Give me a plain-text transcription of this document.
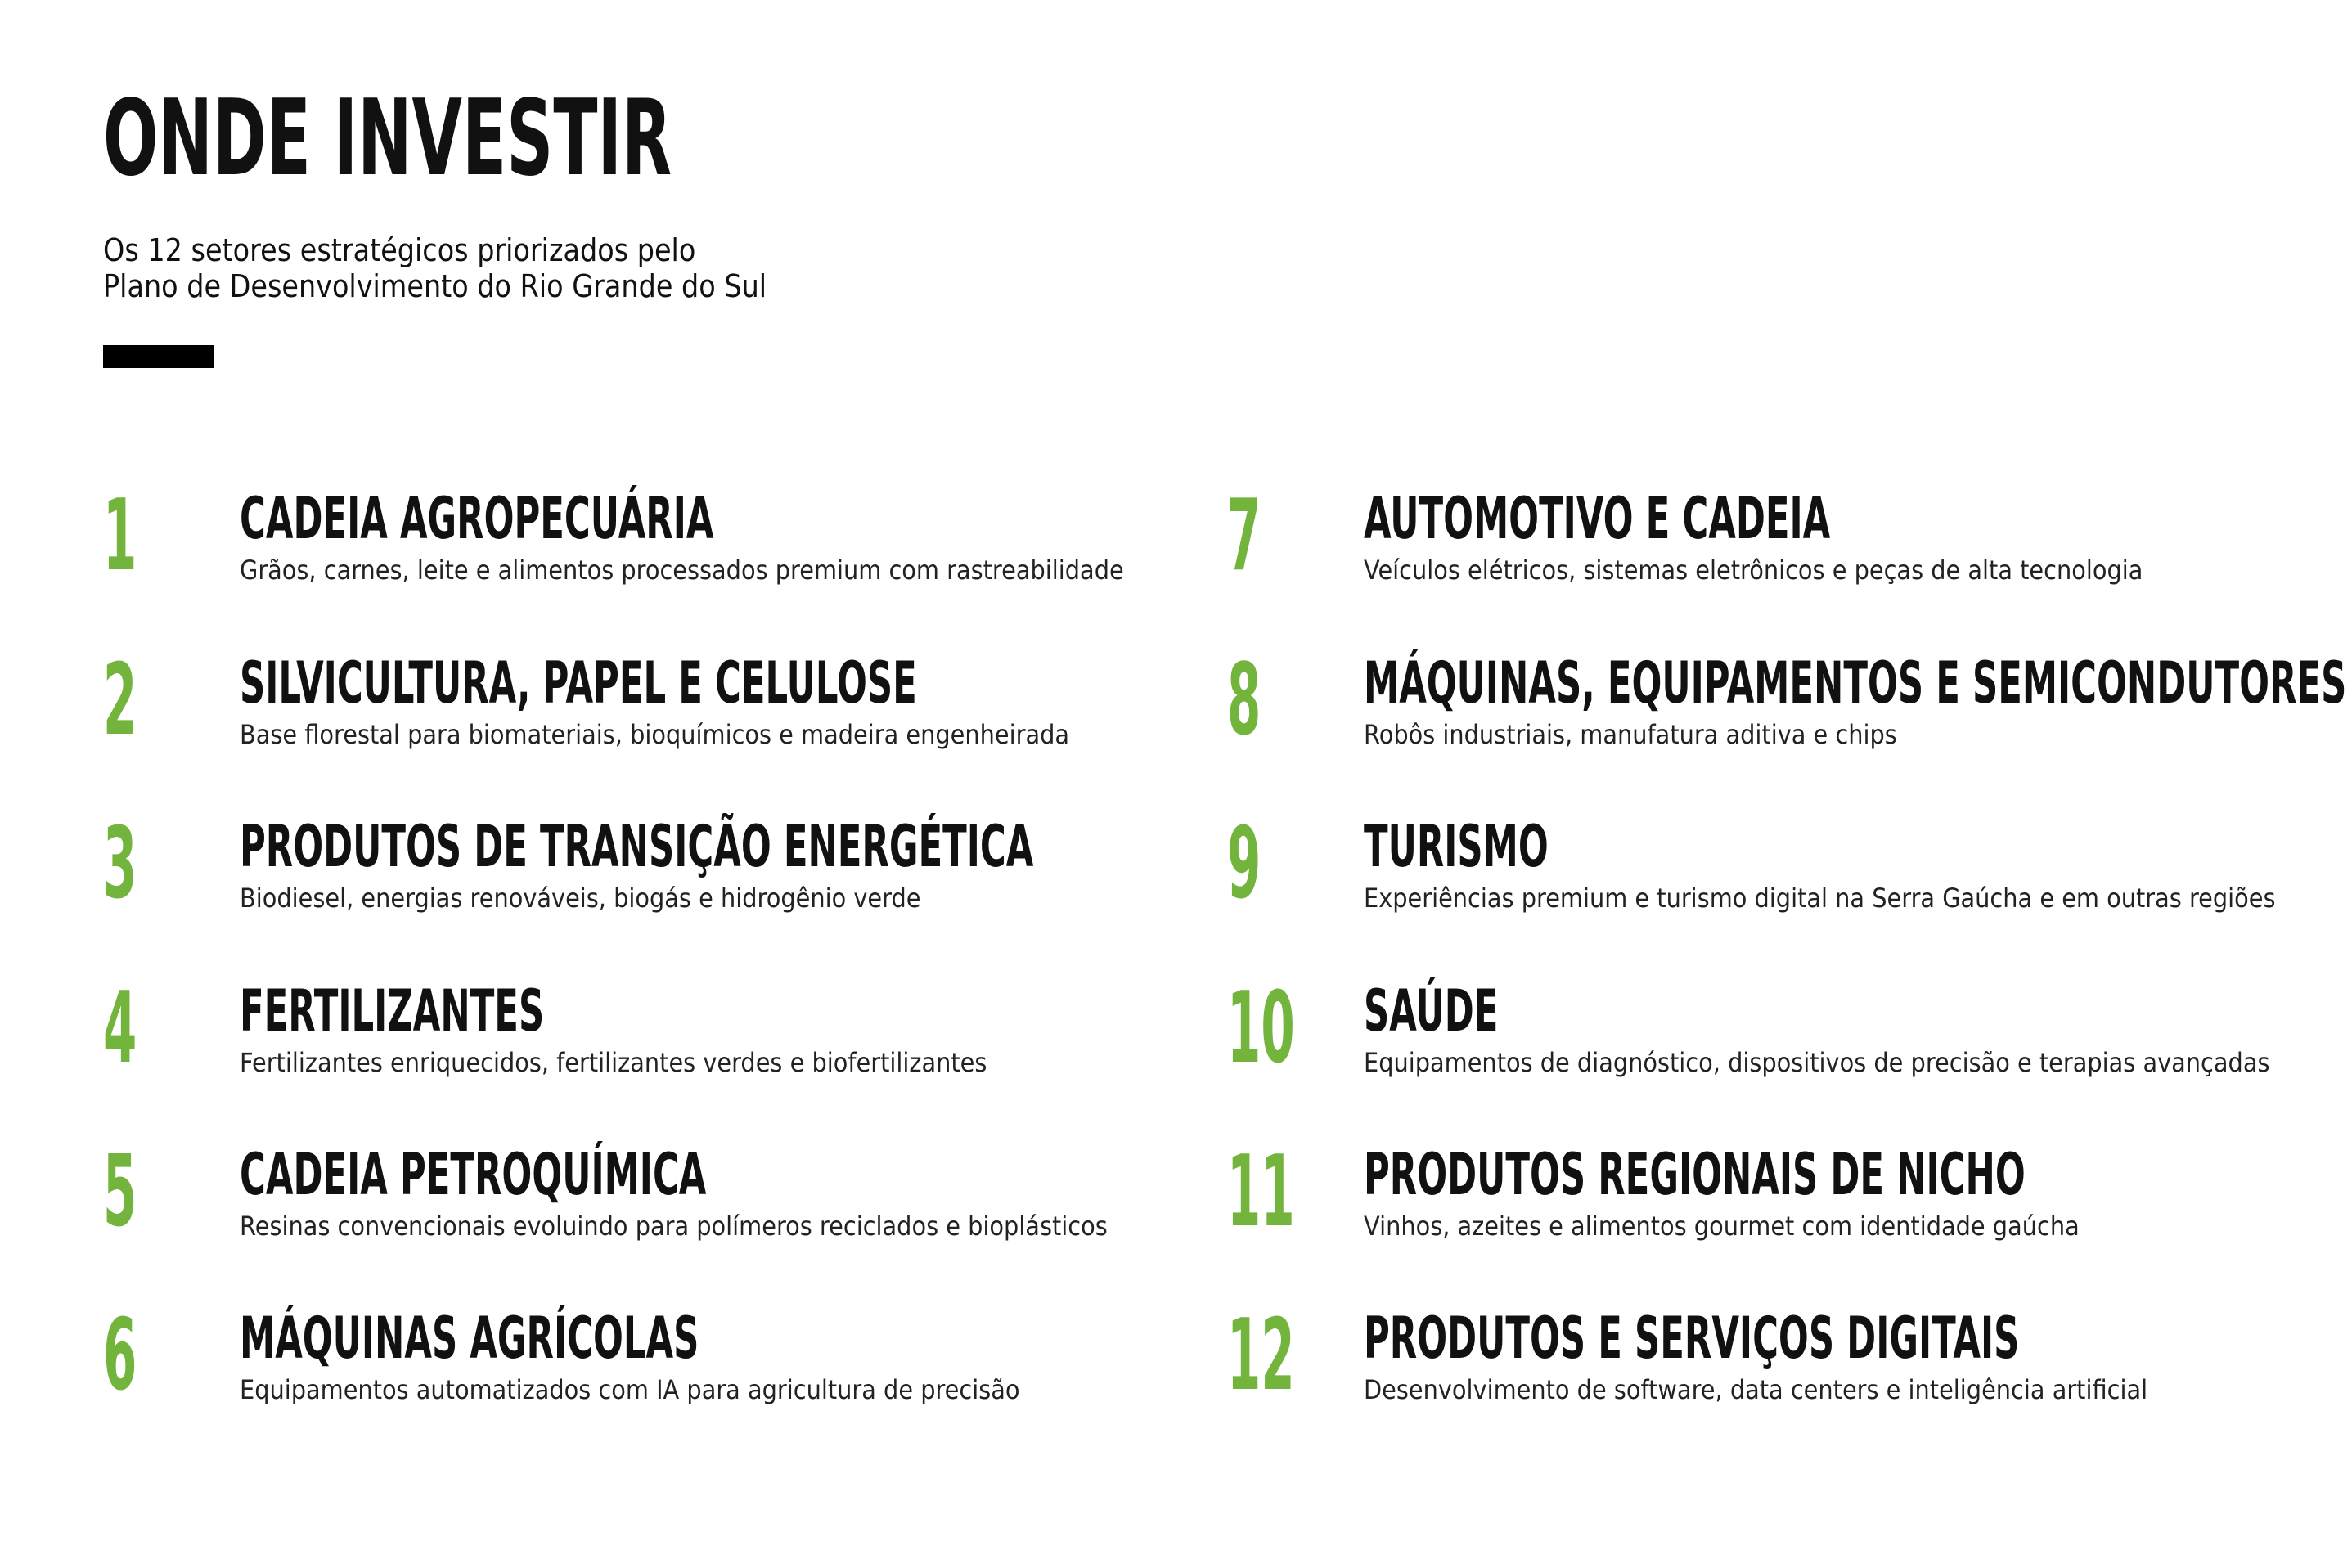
ONDE INVESTIR
Os 12 setores estratégicos priorizados pelo
Plano de Desenvolvimento do Rio Grande do Sul
1 CADEIA AGROPECUÁRIA
Grãos, carnes, leite e alimentos processados premium com rastreabilidade
2 SILVICULTURA, PAPEL E CELULOSE
Base florestal para biomateriais, bioquímicos e madeira engenheirada
3 PRODUTOS DE TRANSIÇÃO ENERGÉTICA
Biodiesel, energias renováveis, biogás e hidrogênio verde
4 FERTILIZANTES
Fertilizantes enriquecidos, fertilizantes verdes e biofertilizantes
5 CADEIA PETROQUÍMICA
Resinas convencionais evoluindo para polímeros reciclados e bioplásticos
6 MÁQUINAS AGRÍCOLAS
Equipamentos automatizados com IA para agricultura de precisão
7 AUTOMOTIVO E CADEIA
Veículos elétricos, sistemas eletrônicos e peças de alta tecnologia
8 MÁQUINAS, EQUIPAMENTOS E SEMICONDUTORES
Robôs industriais, manufatura aditiva e chips
9 TURISMO
Experiências premium e turismo digital na Serra Gaúcha e em outras regiões
10 SAÚDE
Equipamentos de diagnóstico, dispositivos de precisão e terapias avançadas
11 PRODUTOS REGIONAIS DE NICHO
Vinhos, azeites e alimentos gourmet com identidade gaúcha
12 PRODUTOS E SERVIÇOS DIGITAIS
Desenvolvimento de software, data centers e inteligência artificial
